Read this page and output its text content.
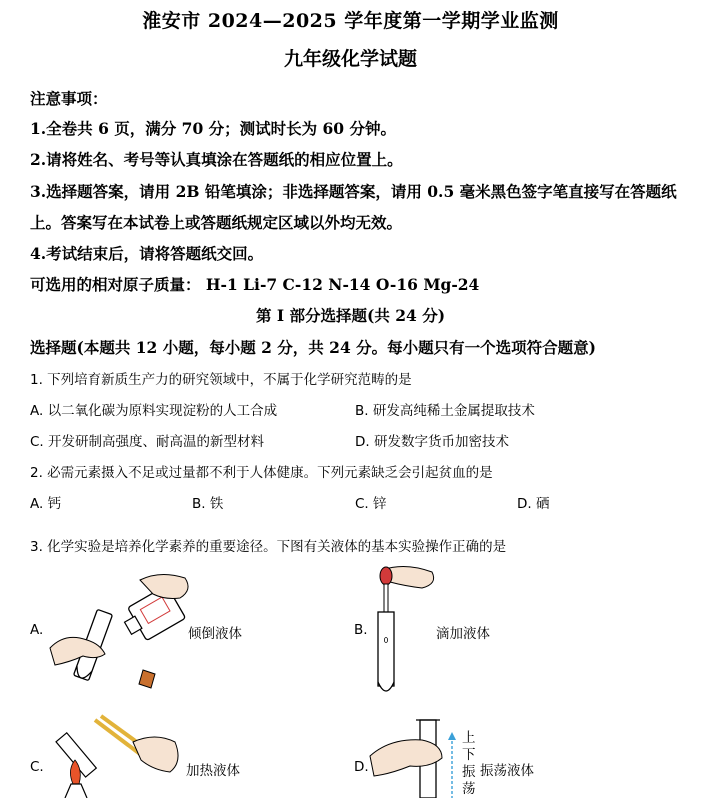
淮安市 2024—2025 学年度第一学期学业监测
九年级化学试题
注意事项：
1.全卷共 6 页，满分 70 分；测试时长为 60 分钟。
2.请将姓名、考号等认真填涂在答题纸的相应位置上。
3.选择题答案，请用 2B 铅笔填涂；非选择题答案，请用 0.5 毫米黑色签字笔直接写在答题纸
上。答案写在本试卷上或答题纸规定区域以外均无效。
4.考试结束后，请将答题纸交回。
可选用的相对原子质量： H-1 Li-7 C-12 N-14 O-16 Mg-24
第 I 部分选择题(共 24 分)
选择题(本题共 12 小题，每小题 2 分，共 24 分。每小题只有一个选项符合题意)
1. 下列培育新质生产力的研究领域中，不属于化学研究范畴的是
A. 以二氧化碳为原料实现淀粉的人工合成	B. 研发高纯稀土金属提取技术
C. 开发研制高强度、耐高温的新型材料	D. 研发数字货币加密技术
2. 必需元素摄入不足或过量都不利于人体健康。下列元素缺乏会引起贫血的是
A. 钙	B. 铁	C. 锌	D. 硒
3. 化学实验是培养化学素养的重要途径。下图有关液体的基本实验操作正确的是
A.	倾倒液体	B.	滴加液体
C.	加热液体	D.
上
下
振
荡
振荡液体
